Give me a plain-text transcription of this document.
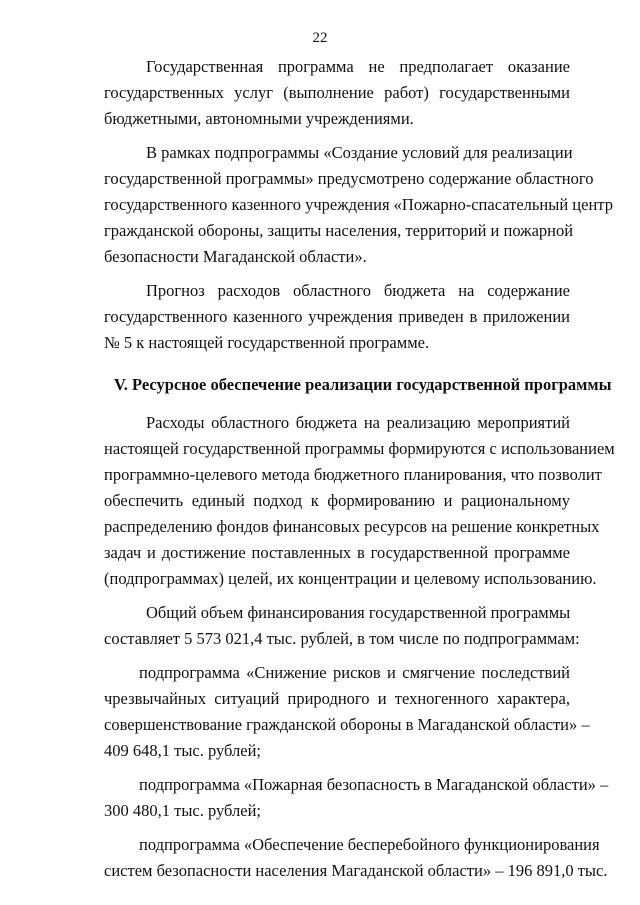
22
Государственная программа не предполагает оказание
государственных услуг (выполнение работ) государственными
бюджетными, автономными учреждениями.
В рамках подпрограммы «Создание условий для реализации
государственной программы» предусмотрено содержание областного
государственного казенного учреждения «Пожарно-спасательный центр
гражданской обороны, защиты населения, территорий и пожарной
безопасности Магаданской области».
Прогноз расходов областного бюджета на содержание
государственного казенного учреждения приведен в приложении
№ 5 к настоящей государственной программе.
V. Ресурсное обеспечение реализации государственной программы
Расходы областного бюджета на реализацию мероприятий
настоящей государственной программы формируются с использованием
программно-целевого метода бюджетного планирования, что позволит
обеспечить единый подход к формированию и рациональному
распределению фондов финансовых ресурсов на решение конкретных
задач и достижение поставленных в государственной программе
(подпрограммах) целей, их концентрации и целевому использованию.
Общий объем финансирования государственной программы
составляет 5 573 021,4 тыс. рублей, в том числе по подпрограммам:
подпрограмма «Снижение рисков и смягчение последствий
чрезвычайных ситуаций природного и техногенного характера,
совершенствование гражданской обороны в Магаданской области» –
409 648,1 тыс. рублей;
подпрограмма «Пожарная безопасность в Магаданской области» –
300 480,1 тыс. рублей;
подпрограмма «Обеспечение бесперебойного функционирования
систем безопасности населения Магаданской области» – 196 891,0 тыс.
